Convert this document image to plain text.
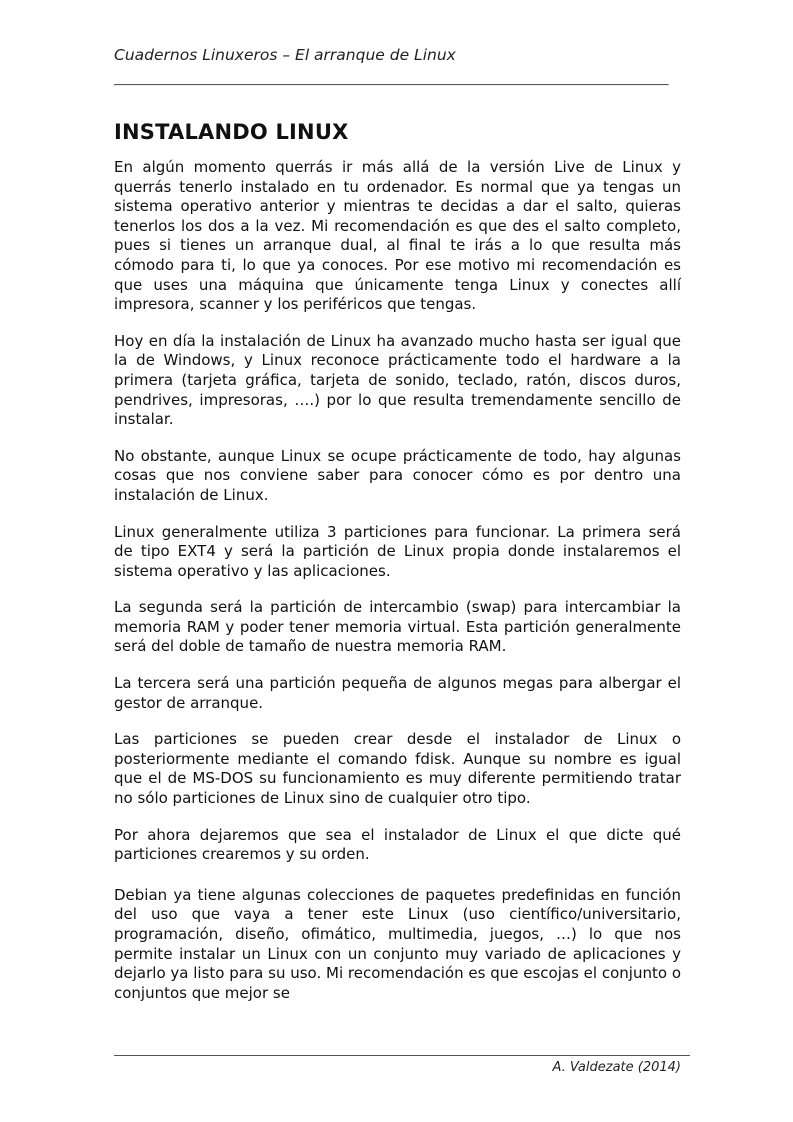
Cuadernos Linuxeros – El arranque de Linux

INSTALANDO LINUX

En algún momento querrás ir más allá de la versión Live de Linux y querrás tenerlo instalado en tu ordenador. Es normal que ya tengas un sistema operativo anterior y mientras te decidas a dar el salto, quieras tenerlos los dos a la vez. Mi recomendación es que des el salto completo, pues si tienes un arranque dual, al final te irás a lo que resulta más cómodo para ti, lo que ya conoces. Por ese motivo mi recomendación es que uses una máquina que únicamente tenga Linux y conectes allí impresora, scanner y los periféricos que tengas.

Hoy en día la instalación de Linux ha avanzado mucho hasta ser igual que la de Windows, y Linux reconoce prácticamente todo el hardware a la primera (tarjeta gráfica, tarjeta de sonido, teclado, ratón, discos duros, pendrives, impresoras, ….) por lo que resulta tremendamente sencillo de instalar.

No obstante, aunque Linux se ocupe prácticamente de todo, hay algunas cosas que nos conviene saber para conocer cómo es por dentro una instalación de Linux.

Linux generalmente utiliza 3 particiones para funcionar. La primera será de tipo EXT4 y será la partición de Linux propia donde instalaremos el sistema operativo y las aplicaciones.

La segunda será la partición de intercambio (swap) para intercambiar la memoria RAM y poder tener memoria virtual. Esta partición generalmente será del doble de tamaño de nuestra memoria RAM.

La tercera será una partición pequeña de algunos megas para albergar el gestor de arranque.

Las particiones se pueden crear desde el instalador de Linux o posteriormente mediante el comando fdisk. Aunque su nombre es igual que el de MS-DOS su funcionamiento es muy diferente permitiendo tratar no sólo particiones de Linux sino de cualquier otro tipo.

Por ahora dejaremos que sea el instalador de Linux el que dicte qué particiones crearemos y su orden.

Debian ya tiene algunas colecciones de paquetes predefinidas en función del uso que vaya a tener este Linux (uso científico/universitario, programación, diseño, ofimático, multimedia, juegos, …) lo que nos permite instalar un Linux con un conjunto muy variado de aplicaciones y dejarlo ya listo para su uso. Mi recomendación es que escojas el conjunto o conjuntos que mejor se

A. Valdezate (2014)
